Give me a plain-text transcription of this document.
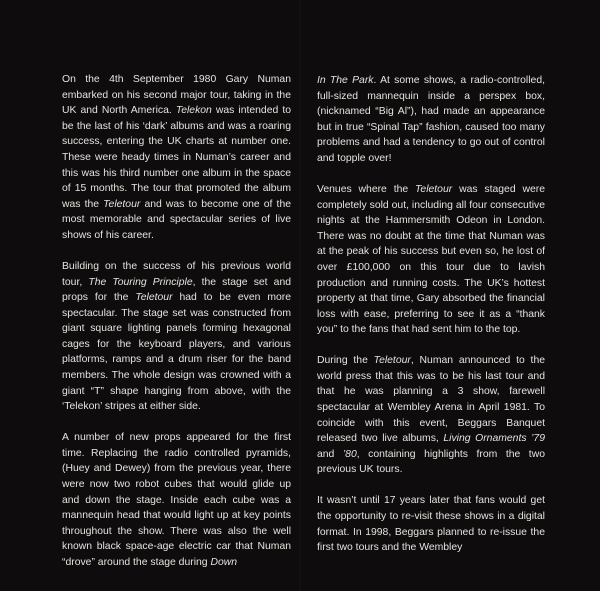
On the 4th September 1980 Gary Numan embarked on his second major tour, taking in the UK and North America. Telekon was intended to be the last of his ‘dark’ albums and was a roaring success, entering the UK charts at number one. These were heady times in Numan’s career and this was his third number one album in the space of 15 months. The tour that promoted the album was the Teletour and was to become one of the most memorable and spectacular series of live shows of his career.

Building on the success of his previous world tour, The Touring Principle, the stage set and props for the Teletour had to be even more spectacular. The stage set was constructed from giant square lighting panels forming hexagonal cages for the keyboard players, and various platforms, ramps and a drum riser for the band members. The whole design was crowned with a giant “T” shape hanging from above, with the ‘Telekon’ stripes at either side.

A number of new props appeared for the first time. Replacing the radio controlled pyramids, (Huey and Dewey) from the previous year, there were now two robot cubes that would glide up and down the stage. Inside each cube was a mannequin head that would light up at key points throughout the show. There was also the well known black space-age electric car that Numan “drove” around the stage during Down

In The Park. At some shows, a radio-controlled, full-sized mannequin inside a perspex box, (nicknamed “Big Al”), had made an appearance but in true “Spinal Tap” fashion, caused too many problems and had a tendency to go out of control and topple over!

Venues where the Teletour was staged were completely sold out, including all four consecutive nights at the Hammersmith Odeon in London. There was no doubt at the time that Numan was at the peak of his success but even so, he lost of over £100,000 on this tour due to lavish production and running costs. The UK’s hottest property at that time, Gary absorbed the financial loss with ease, preferring to see it as a “thank you” to the fans that had sent him to the top.

During the Teletour, Numan announced to the world press that this was to be his last tour and that he was planning a 3 show, farewell spectacular at Wembley Arena in April 1981. To coincide with this event, Beggars Banquet released two live albums, Living Ornaments ’79 and ’80, containing highlights from the two previous UK tours.

It wasn’t until 17 years later that fans would get the opportunity to re-visit these shows in a digital format. In 1998, Beggars planned to re-issue the first two tours and the Wembley
